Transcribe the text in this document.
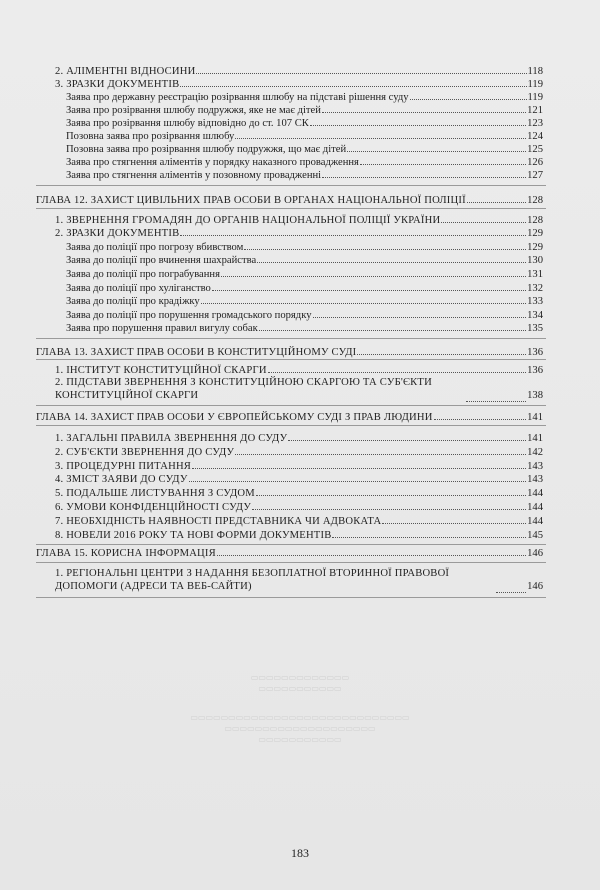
2. АЛІМЕНТНІ ВІДНОСИНИ	118
3. ЗРАЗКИ ДОКУМЕНТІВ	119
Заява про державну реєстрацію розірвання шлюбу на підставі рішення суду	119
Заява про розірвання шлюбу подружжя, яке не має дітей	121
Заява про розірвання шлюбу відповідно до ст. 107 СК	123
Позовна заява про розірвання шлюбу	124
Позовна заява про розірвання шлюбу подружжя, що має дітей	125
Заява про стягнення аліментів у порядку наказного провадження	126
Заява про стягнення аліментів у позовному провадженні	127
ГЛАВА 12. ЗАХИСТ ЦИВІЛЬНИХ ПРАВ ОСОБИ В ОРГАНАХ НАЦІОНАЛЬНОЇ ПОЛІЦІЇ	128
1. ЗВЕРНЕННЯ ГРОМАДЯН ДО ОРГАНІВ НАЦІОНАЛЬНОЇ ПОЛІЦІЇ УКРАЇНИ	128
2. ЗРАЗКИ ДОКУМЕНТІВ	129
Заява до поліції про погрозу вбивством	129
Заява до поліції про вчинення шахрайства	130
Заява до поліції про пограбування	131
Заява до поліції про хуліганство	132
Заява до поліції про крадіжку	133
Заява до поліції про порушення громадського порядку	134
Заява про порушення правил вигулу собак	135
ГЛАВА 13. ЗАХИСТ ПРАВ ОСОБИ В КОНСТИТУЦІЙНОМУ СУДІ	136
1. ІНСТИТУТ КОНСТИТУЦІЙНОЇ СКАРГИ	136
2. ПІДСТАВИ ЗВЕРНЕННЯ З КОНСТИТУЦІЙНОЮ СКАРГОЮ ТА СУБ'ЄКТИ КОНСТИТУЦІЙНОЇ СКАРГИ	138
ГЛАВА 14. ЗАХИСТ ПРАВ ОСОБИ У ЄВРОПЕЙСЬКОМУ СУДІ З ПРАВ ЛЮДИНИ	141
1. ЗАГАЛЬНІ ПРАВИЛА ЗВЕРНЕННЯ ДО СУДУ	141
2. СУБ'ЄКТИ ЗВЕРНЕННЯ ДО СУДУ	142
3. ПРОЦЕДУРНІ ПИТАННЯ	143
4. ЗМІСТ ЗАЯВИ ДО СУДУ	143
5. ПОДАЛЬШЕ ЛИСТУВАННЯ З СУДОМ	144
6. УМОВИ КОНФІДЕНЦІЙНОСТІ СУДУ	144
7. НЕОБХІДНІСТЬ НАЯВНОСТІ ПРЕДСТАВНИКА ЧИ АДВОКАТА	144
8. НОВЕЛИ 2016 РОКУ ТА НОВІ ФОРМИ ДОКУМЕНТІВ	145
ГЛАВА 15. КОРИСНА ІНФОРМАЦІЯ	146
1. РЕГІОНАЛЬНІ ЦЕНТРИ З НАДАННЯ БЕЗОПЛАТНОЇ ВТОРИННОЇ ПРАВОВОЇ ДОПОМОГИ (АДРЕСИ ТА ВЕБ-САЙТИ)	146
▭▭▭▭▭▭▭▭▭▭▭▭▭
▭▭▭▭▭▭▭▭▭▭▭
▭▭▭▭▭▭▭▭▭▭▭▭▭▭▭▭▭▭▭▭▭▭▭▭▭▭▭▭▭
▭▭▭▭▭▭▭▭▭▭▭▭▭▭▭▭▭▭▭▭
▭▭▭▭▭▭▭▭▭▭▭
183
